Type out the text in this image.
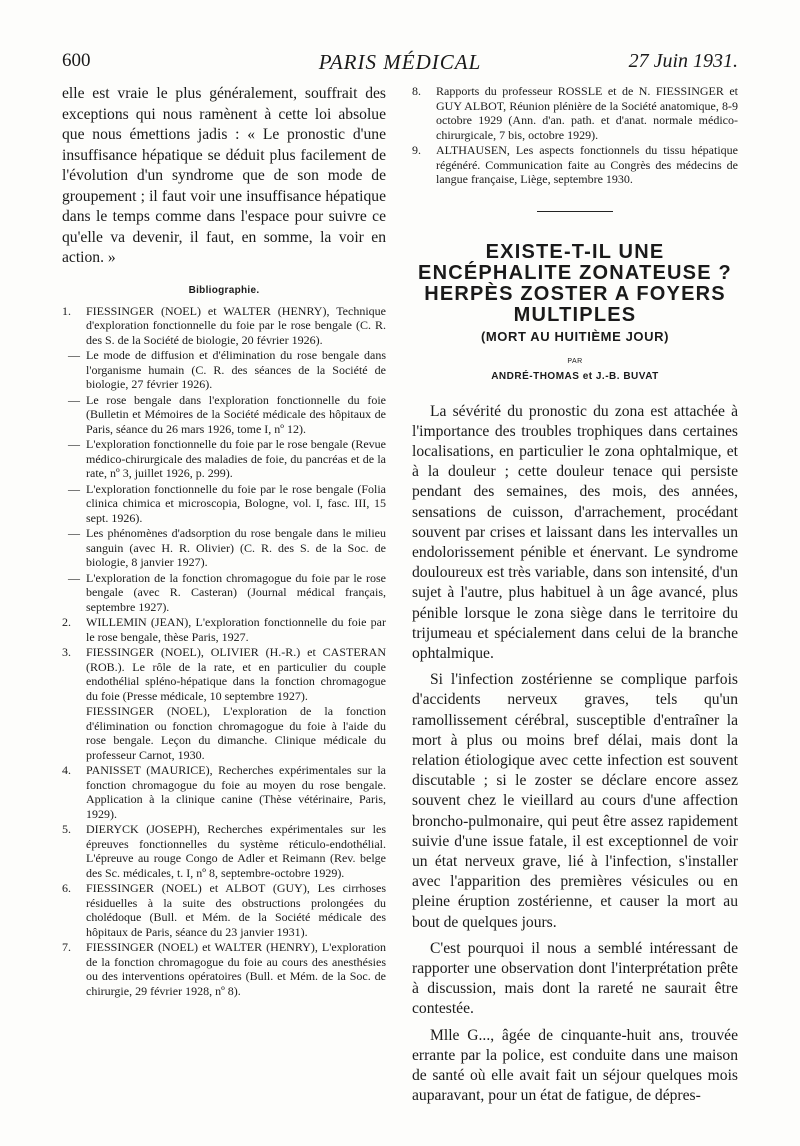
600	PARIS MÉDICAL	27 Juin 1931.

elle est vraie le plus généralement, souffrait des exceptions qui nous ramènent à cette loi absolue que nous émettions jadis : « Le pronostic d'une insuffisance hépatique se déduit plus facilement de l'évolution d'un syndrome que de son mode de groupement ; il faut voir une insuffisance hépatique dans le temps comme dans l'espace pour suivre ce qu'elle va devenir, il faut, en somme, la voir en action. »

Bibliographie.
1.	FIESSINGER (NOEL) et WALTER (HENRY), Technique d'exploration fonctionnelle du foie par le rose bengale (C. R. des S. de la Société de biologie, 20 février 1926).
— Le mode de diffusion et d'élimination du rose bengale dans l'organisme humain (C. R. des séances de la Société de biologie, 27 février 1926).
— Le rose bengale dans l'exploration fonctionnelle du foie (Bulletin et Mémoires de la Société médicale des hôpitaux de Paris, séance du 26 mars 1926, tome I, nº 12).
— L'exploration fonctionnelle du foie par le rose bengale (Revue médico-chirurgicale des maladies de foie, du pancréas et de la rate, nº 3, juillet 1926, p. 299).
— L'exploration fonctionnelle du foie par le rose bengale (Folia clinica chimica et microscopia, Bologne, vol. I, fasc. III, 15 sept. 1926).
— Les phénomènes d'adsorption du rose bengale dans le milieu sanguin (avec H. R. Olivier) (C. R. des S. de la Soc. de biologie, 8 janvier 1927).
— L'exploration de la fonction chromagogue du foie par le rose bengale (avec R. Casteran) (Journal médical français, septembre 1927).
2.	WILLEMIN (JEAN), L'exploration fonctionnelle du foie par le rose bengale, thèse Paris, 1927.
3.	FIESSINGER (NOEL), OLIVIER (H.-R.) et CASTERAN (ROB.). Le rôle de la rate, et en particulier du couple endothélial spléno-hépatique dans la fonction chromagogue du foie (Presse médicale, 10 septembre 1927).
FIESSINGER (NOEL), L'exploration de la fonction d'élimination ou fonction chromagogue du foie à l'aide du rose bengale. Leçon du dimanche. Clinique médicale du professeur Carnot, 1930.
4.	PANISSET (MAURICE), Recherches expérimentales sur la fonction chromagogue du foie au moyen du rose bengale. Application à la clinique canine (Thèse vétérinaire, Paris, 1929).
5.	DIERYCK (JOSEPH), Recherches expérimentales sur les épreuves fonctionnelles du système réticulo-endothélial. L'épreuve au rouge Congo de Adler et Reimann (Rev. belge des Sc. médicales, t. I, nº 8, septembre-octobre 1929).
6.	FIESSINGER (NOEL) et ALBOT (GUY), Les cirrhoses résiduelles à la suite des obstructions prolongées du cholédoque (Bull. et Mém. de la Société médicale des hôpitaux de Paris, séance du 23 janvier 1931).
7.	FIESSINGER (NOEL) et WALTER (HENRY), L'exploration de la fonction chromagogue du foie au cours des anesthésies ou des interventions opératoires (Bull. et Mém. de la Soc. de chirurgie, 29 février 1928, nº 8).
8.	Rapports du professeur ROSSLE et de N. FIESSINGER et GUY ALBOT, Réunion plénière de la Société anatomique, 8-9 octobre 1929 (Ann. d'an. path. et d'anat. normale médico-chirurgicale, 7 bis, octobre 1929).
9.	ALTHAUSEN, Les aspects fonctionnels du tissu hépatique régénéré. Communication faite au Congrès des médecins de langue française, Liège, septembre 1930.
EXISTE-T-IL UNE ENCÉPHALITE ZONATEUSE ? HERPÈS ZOSTER A FOYERS MULTIPLES
(MORT AU HUITIÈME JOUR)
PAR
ANDRÉ-THOMAS et J.-B. BUVAT

La sévérité du pronostic du zona est attachée à l'importance des troubles trophiques dans certaines localisations, en particulier le zona ophtalmique, et à la douleur ; cette douleur tenace qui persiste pendant des semaines, des mois, des années, sensations de cuisson, d'arrachement, procédant souvent par crises et laissant dans les intervalles un endolorissement pénible et énervant. Le syndrome douloureux est très variable, dans son intensité, d'un sujet à l'autre, plus habituel à un âge avancé, plus pénible lorsque le zona siège dans le territoire du trijumeau et spécialement dans celui de la branche ophtalmique.

Si l'infection zostérienne se complique parfois d'accidents nerveux graves, tels qu'un ramollissement cérébral, susceptible d'entraîner la mort à plus ou moins bref délai, mais dont la relation étiologique avec cette infection est souvent discutable ; si le zoster se déclare encore assez souvent chez le vieillard au cours d'une affection broncho-pulmonaire, qui peut être assez rapidement suivie d'une issue fatale, il est exceptionnel de voir un état nerveux grave, lié à l'infection, s'installer avec l'apparition des premières vésicules ou en pleine éruption zostérienne, et causer la mort au bout de quelques jours.

C'est pourquoi il nous a semblé intéressant de rapporter une observation dont l'interprétation prête à discussion, mais dont la rareté ne saurait être contestée.

Mlle G..., âgée de cinquante-huit ans, trouvée errante par la police, est conduite dans une maison de santé où elle avait fait un séjour quelques mois auparavant, pour un état de fatigue, de dépres-
